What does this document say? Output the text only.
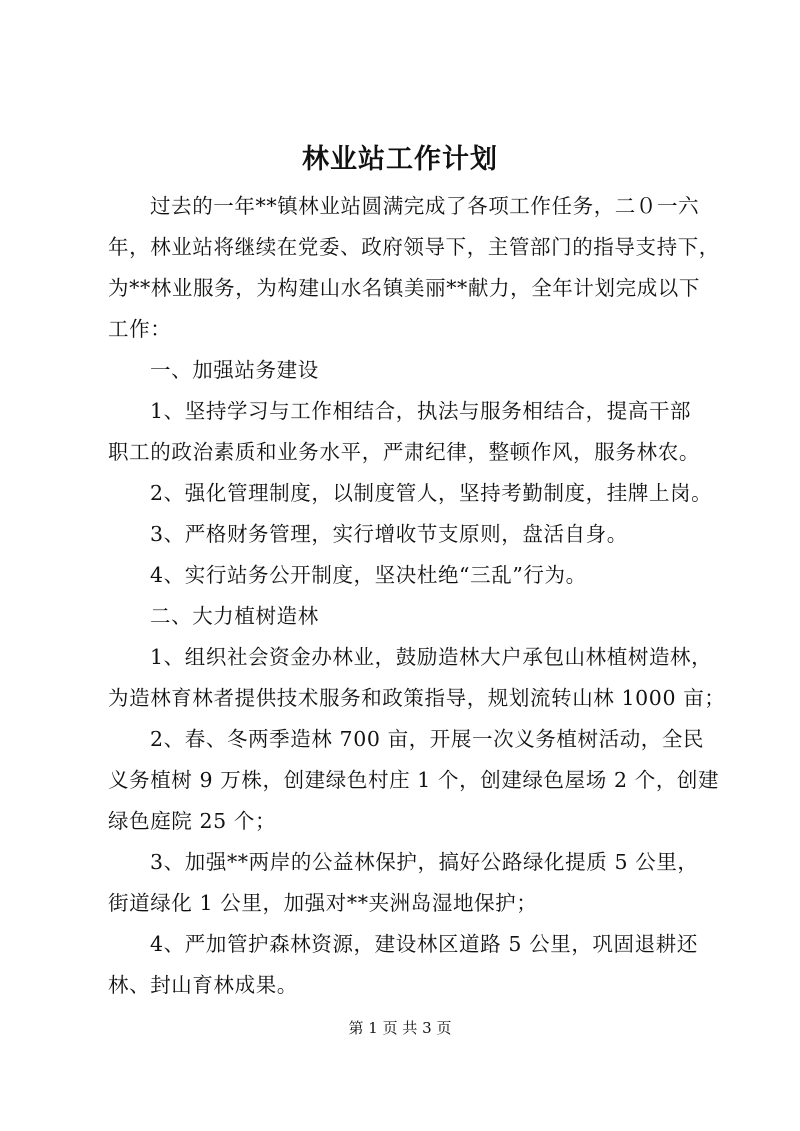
林业站工作计划
过去的一年**镇林业站圆满完成了各项工作任务，二０一六
年，林业站将继续在党委、政府领导下，主管部门的指导支持下，
为**林业服务，为构建山水名镇美丽**献力，全年计划完成以下
工作：
一、加强站务建设
1、坚持学习与工作相结合，执法与服务相结合，提高干部
职工的政治素质和业务水平，严肃纪律，整顿作风，服务林农。
2、强化管理制度，以制度管人，坚持考勤制度，挂牌上岗。
3、严格财务管理，实行增收节支原则，盘活自身。
4、实行站务公开制度，坚决杜绝“三乱”行为。
二、大力植树造林
1、组织社会资金办林业，鼓励造林大户承包山林植树造林，
为造林育林者提供技术服务和政策指导，规划流转山林 1000 亩；
2、春、冬两季造林 700 亩，开展一次义务植树活动，全民
义务植树 9 万株，创建绿色村庄 1 个，创建绿色屋场 2 个，创建
绿色庭院 25 个；
3、加强**两岸的公益林保护，搞好公路绿化提质 5 公里，
街道绿化 1 公里，加强对**夹洲岛湿地保护；
4、严加管护森林资源，建设林区道路 5 公里，巩固退耕还
林、封山育林成果。
第 1 页 共 3 页
